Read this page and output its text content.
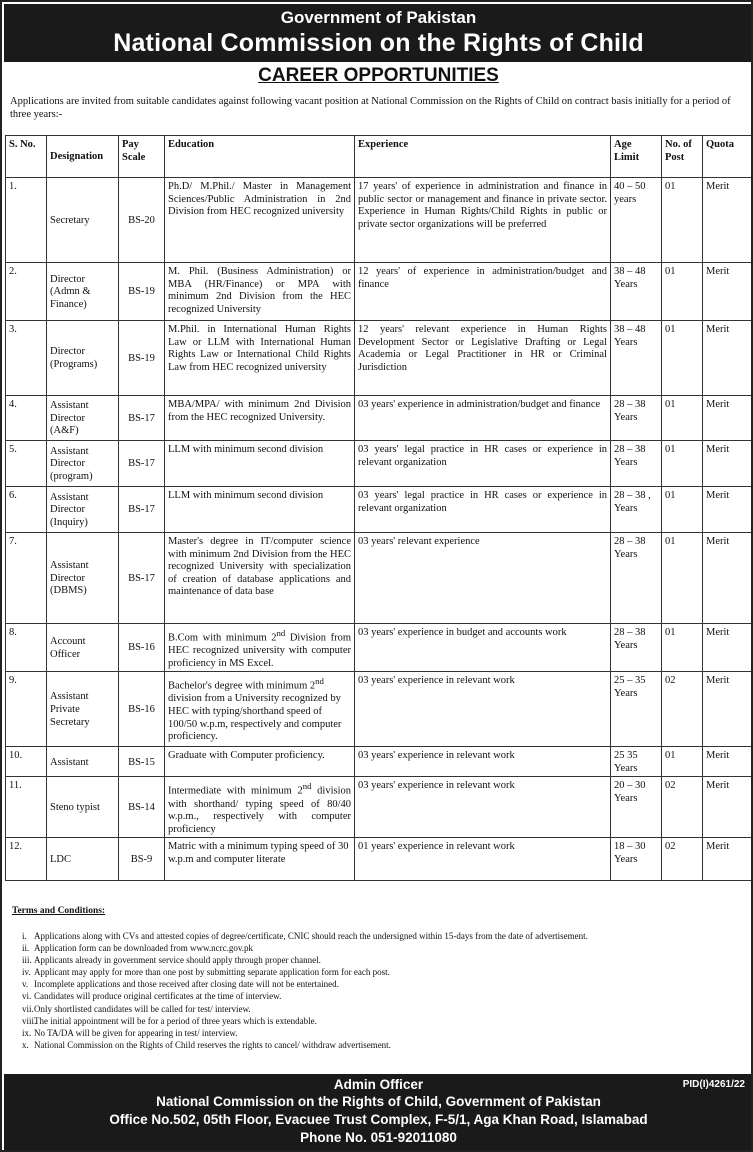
Government of Pakistan
National Commission on the Rights of Child
CAREER OPPORTUNITIES
Applications are invited from suitable candidates against following vacant position at National Commission on the Rights of Child on contract basis initially for a period of three years:-
S. No.	Designation	Pay Scale	Education	Experience	Age Limit	No. of Post	Quota
1.	Secretary	BS-20	Ph.D/ M.Phil./ Master in Management Sciences/Public Administration in 2nd Division from HEC recognized university	17 years' of experience in administration and finance in public sector or management and finance in private sector. Experience in Human Rights/Child Rights in public or private sector organizations will be preferred	40 – 50 years	01	Merit
2.	Director (Admn & Finance)	BS-19	M. Phil. (Business Administration) or MBA (HR/Finance) or MPA with minimum 2nd Division from the HEC recognized University	12 years' of experience in administration/budget and finance	38 – 48 Years	01	Merit
3.	Director (Programs)	BS-19	M.Phil. in International Human Rights Law or LLM with International Human Rights Law or International Child Rights Law from HEC recognized university	12 years' relevant experience in Human Rights Development Sector or Legislative Drafting or Legal Academia or Legal Practitioner in HR or Criminal Jurisdiction	38 – 48 Years	01	Merit
4.	Assistant Director (A&F)	BS-17	MBA/MPA/ with minimum 2nd Division from the HEC recognized University.	03 years' experience in administration/budget and finance	28 – 38 Years	01	Merit
5.	Assistant Director (program)	BS-17	LLM with minimum second division	03 years' legal practice in HR cases or experience in relevant organization	28 – 38 Years	01	Merit
6.	Assistant Director (Inquiry)	BS-17	LLM with minimum second division	03 years' legal practice in HR cases or experience in relevant organization	28 – 38 , Years	01	Merit
7.	Assistant Director (DBMS)	BS-17	Master's degree in IT/computer science with minimum 2nd Division from the HEC recognized University with specialization of creation of database applications and maintenance of data base	03 years' relevant experience	28 – 38 Years	01	Merit
8.	Account Officer	BS-16	B.Com with minimum 2nd Division from HEC recognized university with computer proficiency in MS Excel.	03 years' experience in budget and accounts work	28 – 38 Years	01	Merit
9.	Assistant Private Secretary	BS-16	Bachelor's degree with minimum 2nd division from a University recognized by HEC with typing/shorthand speed of 100/50 w.p.m, respectively and computer proficiency.	03 years' experience in relevant work	25 – 35 Years	02	Merit
10.	Assistant	BS-15	Graduate with Computer proficiency.	03 years' experience in relevant work	25 35 Years	01	Merit
11.	Steno typist	BS-14	Intermediate with minimum 2nd division with shorthand/ typing speed of 80/40 w.p.m., respectively with computer proficiency	03 years' experience in relevant work	20 – 30 Years	02	Merit
12.	LDC	BS-9	Matric with a minimum typing speed of 30 w.p.m and computer literate	01 years' experience in relevant work	18 – 30 Years	02	Merit
Terms and Conditions:
i. Applications along with CVs and attested copies of degree/certificate, CNIC should reach the undersigned within 15-days from the date of advertisement.
ii. Application form can be downloaded from www.ncrc.gov.pk
iii. Applicants already in government service should apply through proper channel.
iv. Applicant may apply for more than one post by submitting separate application form for each post.
v. Incomplete applications and those received after closing date will not be entertained.
vi. Candidates will produce original certificates at the time of interview.
vii. Only shortlisted candidates will be called for test/ interview.
viii.
The initial appointment will be for a period of three years which is extendable.
ix. No TA/DA will be given for appearing in test/ interview.
x. National Commission on the Rights of Child reserves the rights to cancel/ withdraw advertisement.
Admin Officer
National Commission on the Rights of Child, Government of Pakistan
Office No.502, 05th Floor, Evacuee Trust Complex, F-5/1, Aga Khan Road, Islamabad
Phone No. 051-92011080
PID(I)4261/22
